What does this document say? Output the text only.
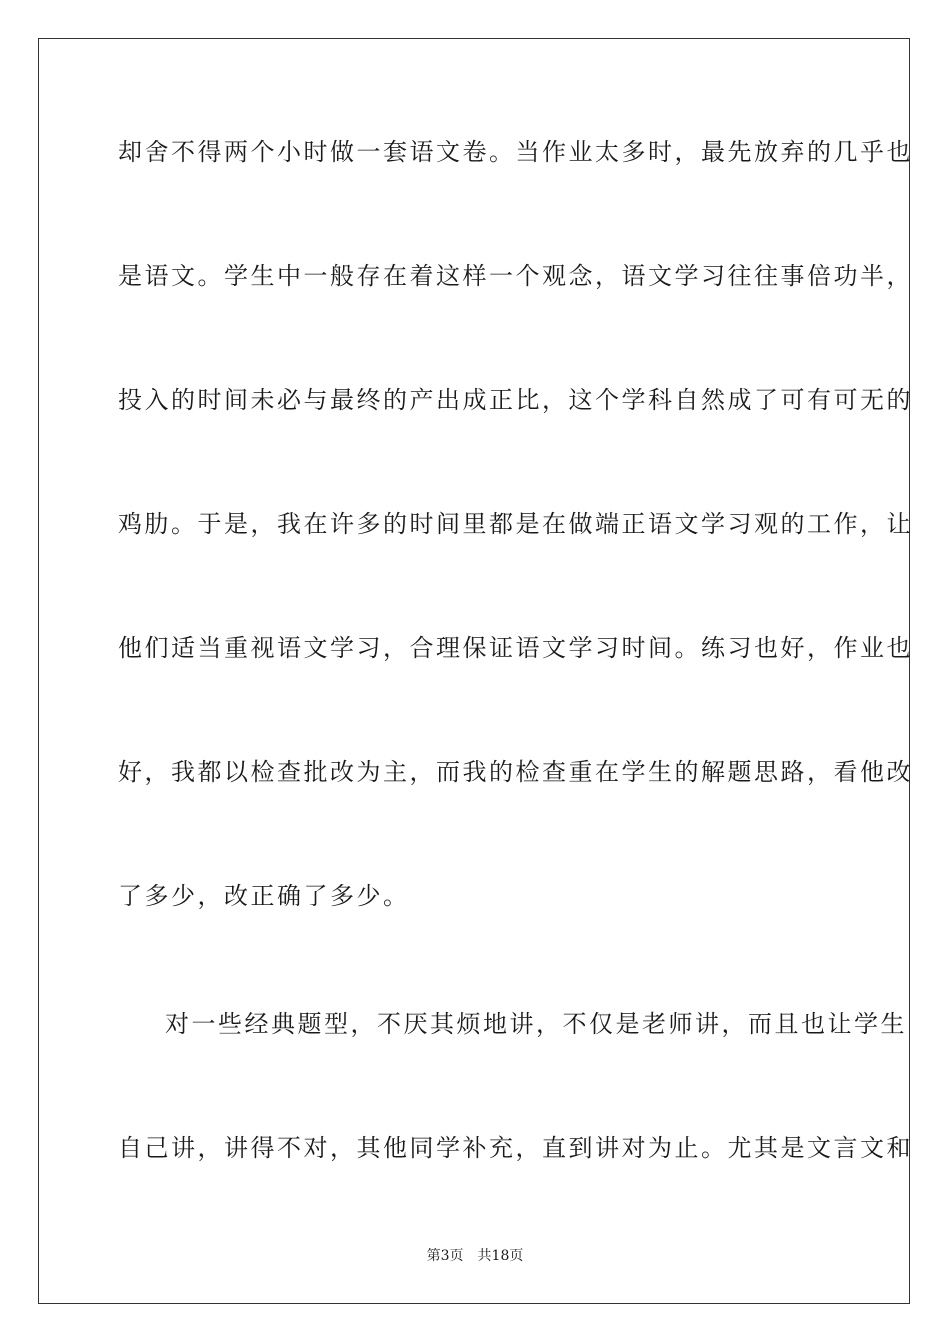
却舍不得两个小时做一套语文卷。当作业太多时，最先放弃的几乎也
是语文。学生中一般存在着这样一个观念，语文学习往往事倍功半，
投入的时间未必与最终的产出成正比，这个学科自然成了可有可无的
鸡肋。于是，我在许多的时间里都是在做端正语文学习观的工作，让
他们适当重视语文学习，合理保证语文学习时间。练习也好，作业也
好，我都以检查批改为主，而我的检查重在学生的解题思路，看他改
了多少，改正确了多少。
对一些经典题型，不厌其烦地讲，不仅是老师讲，而且也让学生
自己讲，讲得不对，其他同学补充，直到讲对为止。尤其是文言文和
第3页 共18页
